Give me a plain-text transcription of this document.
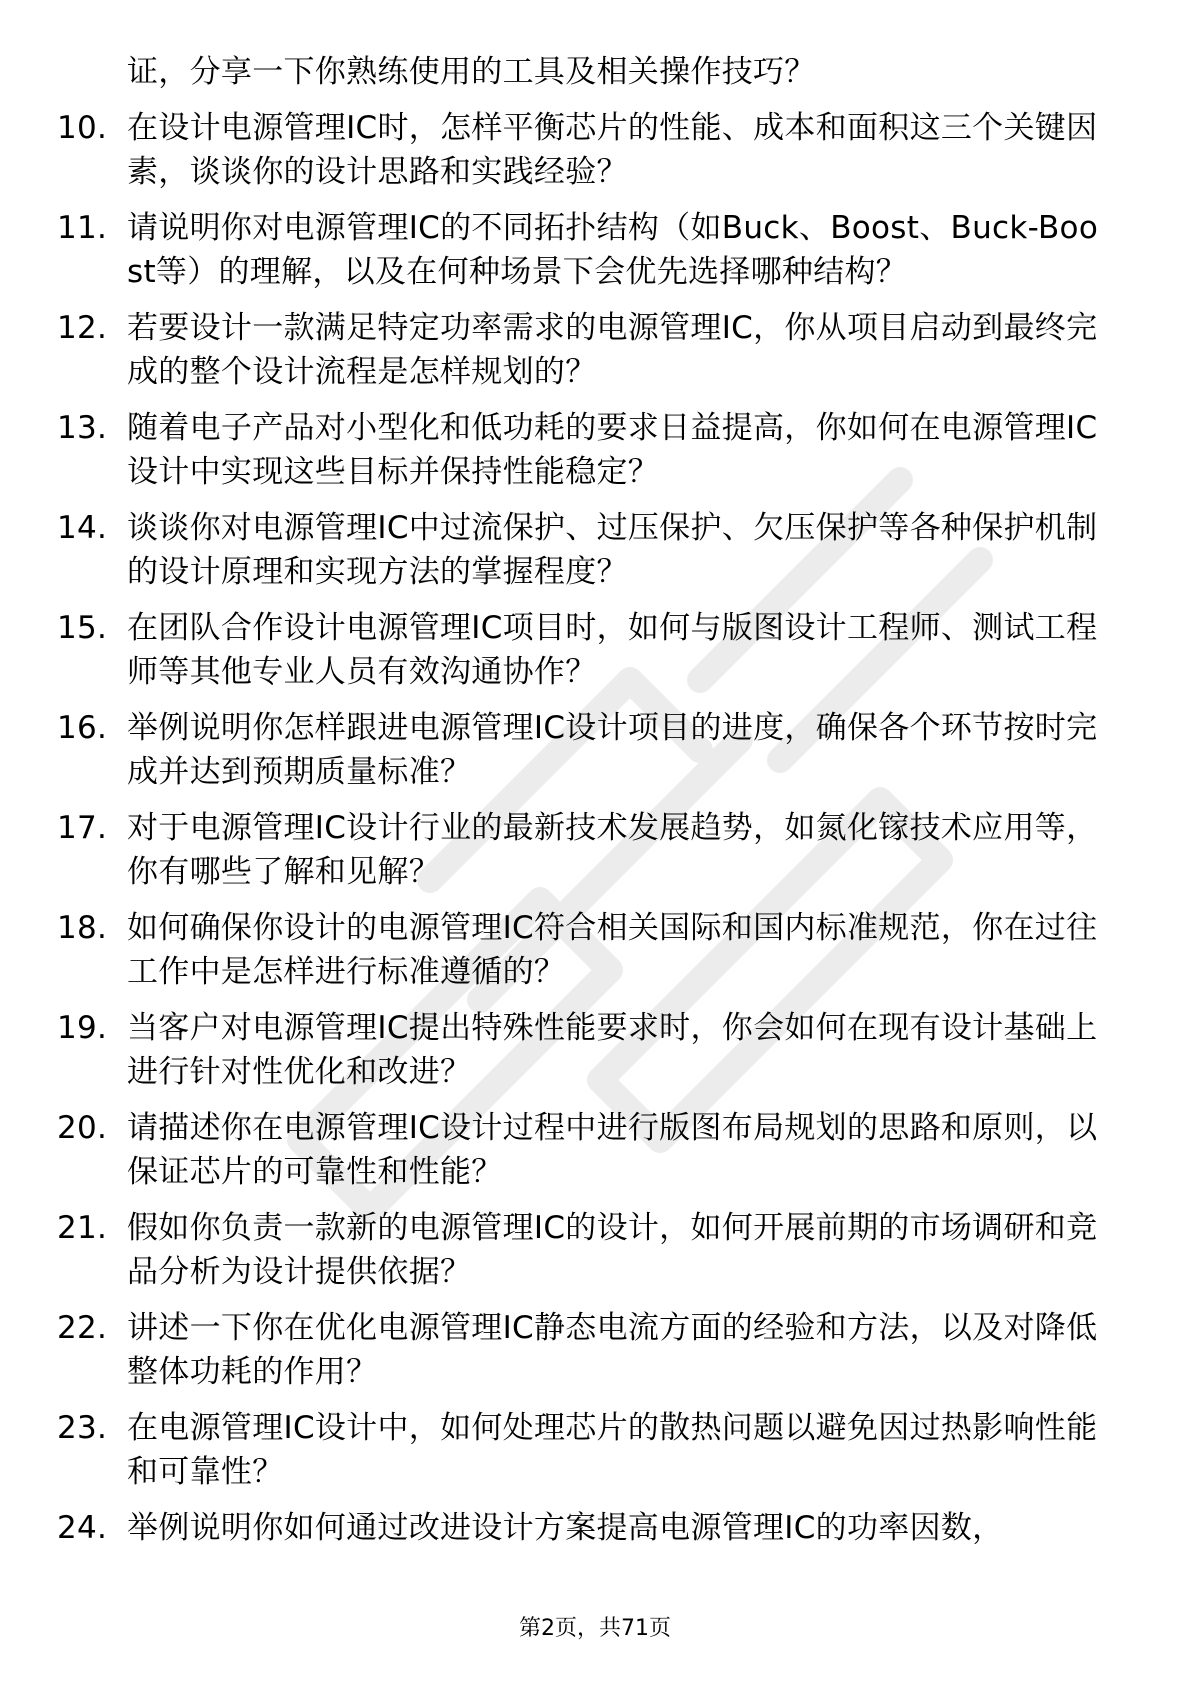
证，分享一下你熟练使用的工具及相关操作技巧？
10. 在设计电源管理IC时，怎样平衡芯片的性能、成本和面积这三个关键因素，谈谈你的设计思路和实践经验？
11. 请说明你对电源管理IC的不同拓扑结构（如Buck、Boost、Buck-Boost等）的理解，以及在何种场景下会优先选择哪种结构？
12. 若要设计一款满足特定功率需求的电源管理IC，你从项目启动到最终完成的整个设计流程是怎样规划的？
13. 随着电子产品对小型化和低功耗的要求日益提高，你如何在电源管理IC设计中实现这些目标并保持性能稳定？
14. 谈谈你对电源管理IC中过流保护、过压保护、欠压保护等各种保护机制的设计原理和实现方法的掌握程度？
15. 在团队合作设计电源管理IC项目时，如何与版图设计工程师、测试工程师等其他专业人员有效沟通协作？
16. 举例说明你怎样跟进电源管理IC设计项目的进度，确保各个环节按时完成并达到预期质量标准？
17. 对于电源管理IC设计行业的最新技术发展趋势，如氮化镓技术应用等，你有哪些了解和见解？
18. 如何确保你设计的电源管理IC符合相关国际和国内标准规范，你在过往工作中是怎样进行标准遵循的？
19. 当客户对电源管理IC提出特殊性能要求时，你会如何在现有设计基础上进行针对性优化和改进？
20. 请描述你在电源管理IC设计过程中进行版图布局规划的思路和原则，以保证芯片的可靠性和性能？
21. 假如你负责一款新的电源管理IC的设计，如何开展前期的市场调研和竞品分析为设计提供依据？
22. 讲述一下你在优化电源管理IC静态电流方面的经验和方法，以及对降低整体功耗的作用？
23. 在电源管理IC设计中，如何处理芯片的散热问题以避免因过热影响性能和可靠性？
24. 举例说明你如何通过改进设计方案提高电源管理IC的功率因数，
第2页，共71页
